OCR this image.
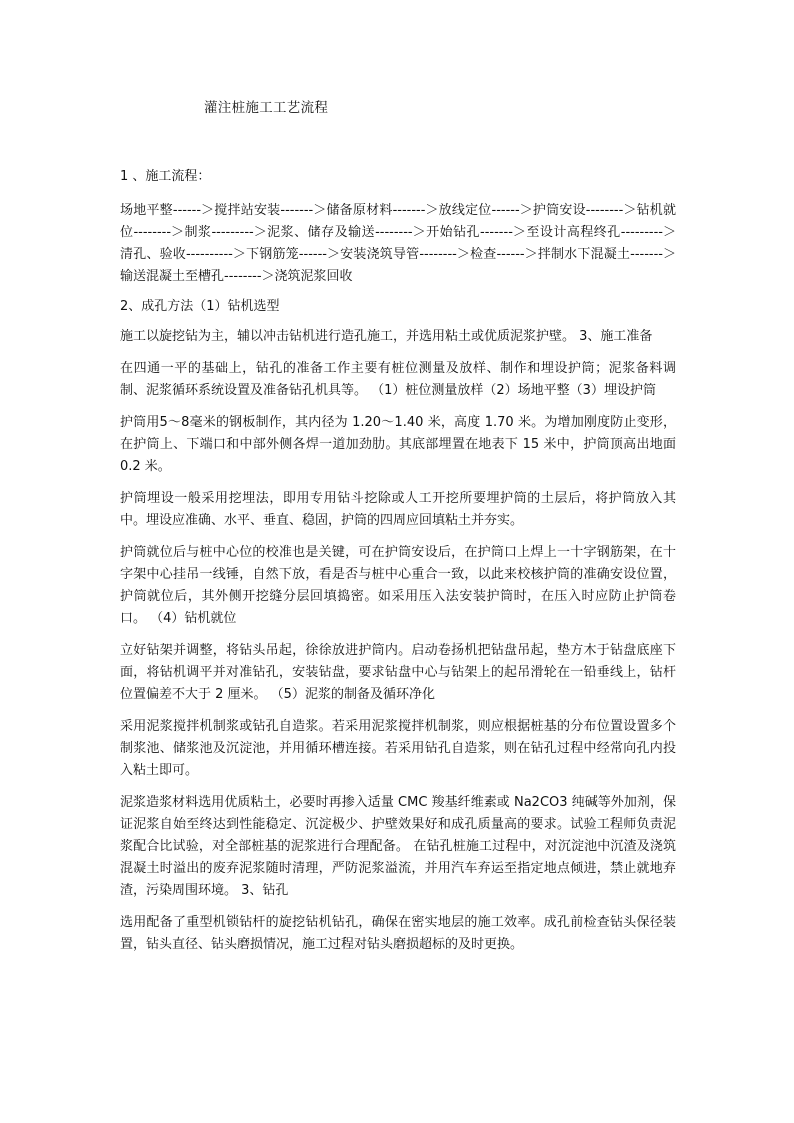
灌注桩施工工艺流程

1 、施工流程：

场地平整------＞搅拌站安装-------＞储备原材料-------＞放线定位------＞护筒安设--------＞钻机就位--------＞制浆---------＞泥浆、储存及输送--------＞开始钻孔-------＞至设计高程终孔---------＞清孔、验收----------＞下钢筋笼------＞安装浇筑导管--------＞检查------＞拌制水下混凝土-------＞输送混凝土至槽孔--------＞浇筑泥浆回收

2、成孔方法（1）钻机选型

施工以旋挖钻为主，辅以冲击钻机进行造孔施工，并选用粘土或优质泥浆护壁。 3、施工准备

在四通一平的基础上，钻孔的准备工作主要有桩位测量及放样、制作和埋设护筒；泥浆备料调制、泥浆循环系统设置及准备钻孔机具等。 （1）桩位测量放样（2）场地平整（3）埋设护筒

护筒用5～8毫米的钢板制作，其内径为 1.20～1.40 米，高度 1.70 米。为增加刚度防止变形，在护筒上、下端口和中部外侧各焊一道加劲肋。其底部埋置在地表下 15 米中，护筒顶高出地面 0.2 米。

护筒埋设一般采用挖埋法，即用专用钻斗挖除或人工开挖所要埋护筒的土层后，将护筒放入其中。埋设应准确、水平、垂直、稳固，护筒的四周应回填粘土并夯实。

护筒就位后与桩中心位的校准也是关键，可在护筒安设后，在护筒口上焊上一十字钢筋架，在十字架中心挂吊一线锤，自然下放，看是否与桩中心重合一致，以此来校核护筒的准确安设位置，护筒就位后，其外侧开挖缝分层回填捣密。如采用压入法安装护筒时，在压入时应防止护筒卷口。 （4）钻机就位

立好钻架并调整，将钻头吊起，徐徐放进护筒内。启动卷扬机把钻盘吊起，垫方木于钻盘底座下面，将钻机调平并对准钻孔，安装钻盘，要求钻盘中心与钻架上的起吊滑轮在一铅垂线上，钻杆位置偏差不大于 2 厘米。 （5）泥浆的制备及循环净化

采用泥浆搅拌机制浆或钻孔自造浆。若采用泥浆搅拌机制浆，则应根据桩基的分布位置设置多个制浆池、储浆池及沉淀池，并用循环槽连接。若采用钻孔自造浆，则在钻孔过程中经常向孔内投入粘土即可。

泥浆造浆材料选用优质粘土，必要时再掺入适量 CMC 羧基纤维素或 Na2CO3 纯碱等外加剂，保证泥浆自始至终达到性能稳定、沉淀极少、护壁效果好和成孔质量高的要求。试验工程师负责泥浆配合比试验，对全部桩基的泥浆进行合理配备。 在钻孔桩施工过程中，对沉淀池中沉渣及浇筑混凝土时溢出的废弃泥浆随时清理，严防泥浆溢流，并用汽车弃运至指定地点倾进，禁止就地弃渣，污染周围环境。 3、钻孔

选用配备了重型机锁钻杆的旋挖钻机钻孔，确保在密实地层的施工效率。成孔前检查钻头保径装置，钻头直径、钻头磨损情况，施工过程对钻头磨损超标的及时更换。
